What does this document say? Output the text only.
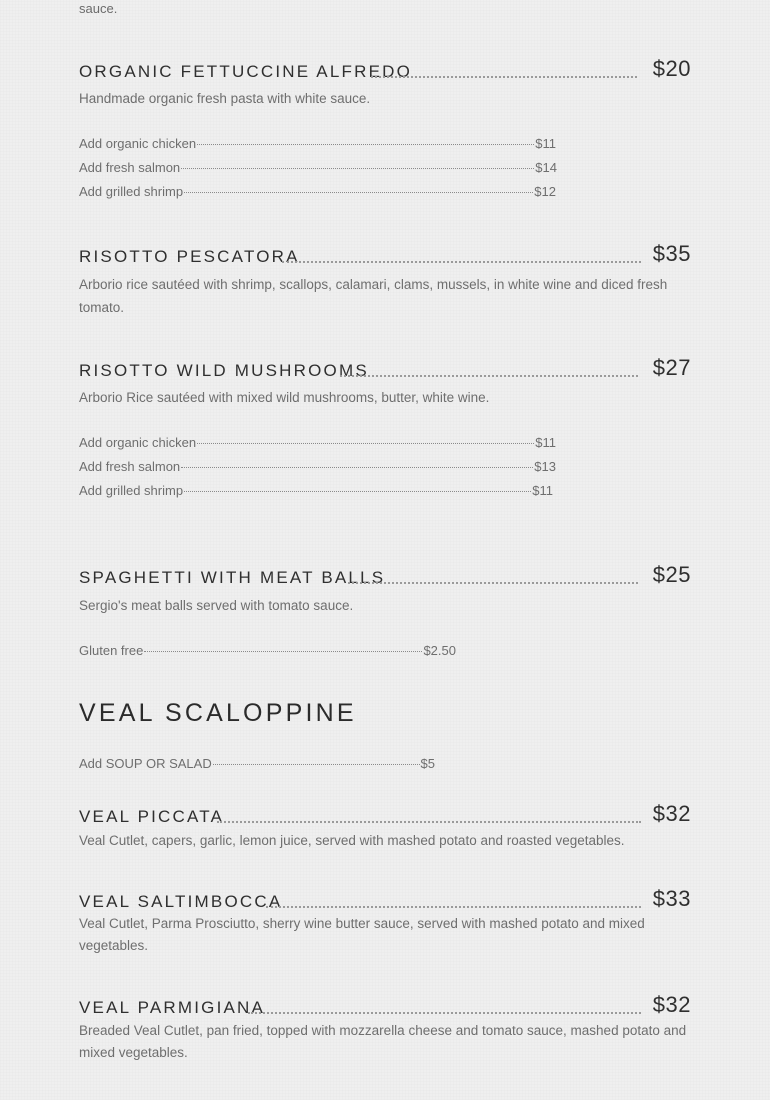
sauce.
ORGANIC FETTUCCINE ALFREDO	$20
Handmade organic fresh pasta with white sauce.
Add organic chicken	$11
Add fresh salmon	$14
Add grilled shrimp	$12
RISOTTO PESCATORA	$35
Arborio rice sautéed with shrimp, scallops, calamari, clams, mussels, in white wine and diced fresh tomato.
RISOTTO WILD MUSHROOMS	$27
Arborio Rice sautéed with mixed wild mushrooms, butter, white wine.
Add organic chicken	$11
Add fresh salmon	$13
Add grilled shrimp	$11
SPAGHETTI WITH MEAT BALLS	$25
Sergio's meat balls served with tomato sauce.
Gluten free	$2.50
VEAL SCALOPPINE
Add SOUP OR SALAD	$5
VEAL PICCATA	$32
Veal Cutlet, capers, garlic, lemon juice, served with mashed potato and roasted vegetables.
VEAL SALTIMBOCCA	$33
Veal Cutlet, Parma Prosciutto, sherry wine butter sauce, served with mashed potato and mixed vegetables.
VEAL PARMIGIANA	$32
Breaded Veal Cutlet, pan fried, topped with mozzarella cheese and tomato sauce, mashed potato and mixed vegetables.
